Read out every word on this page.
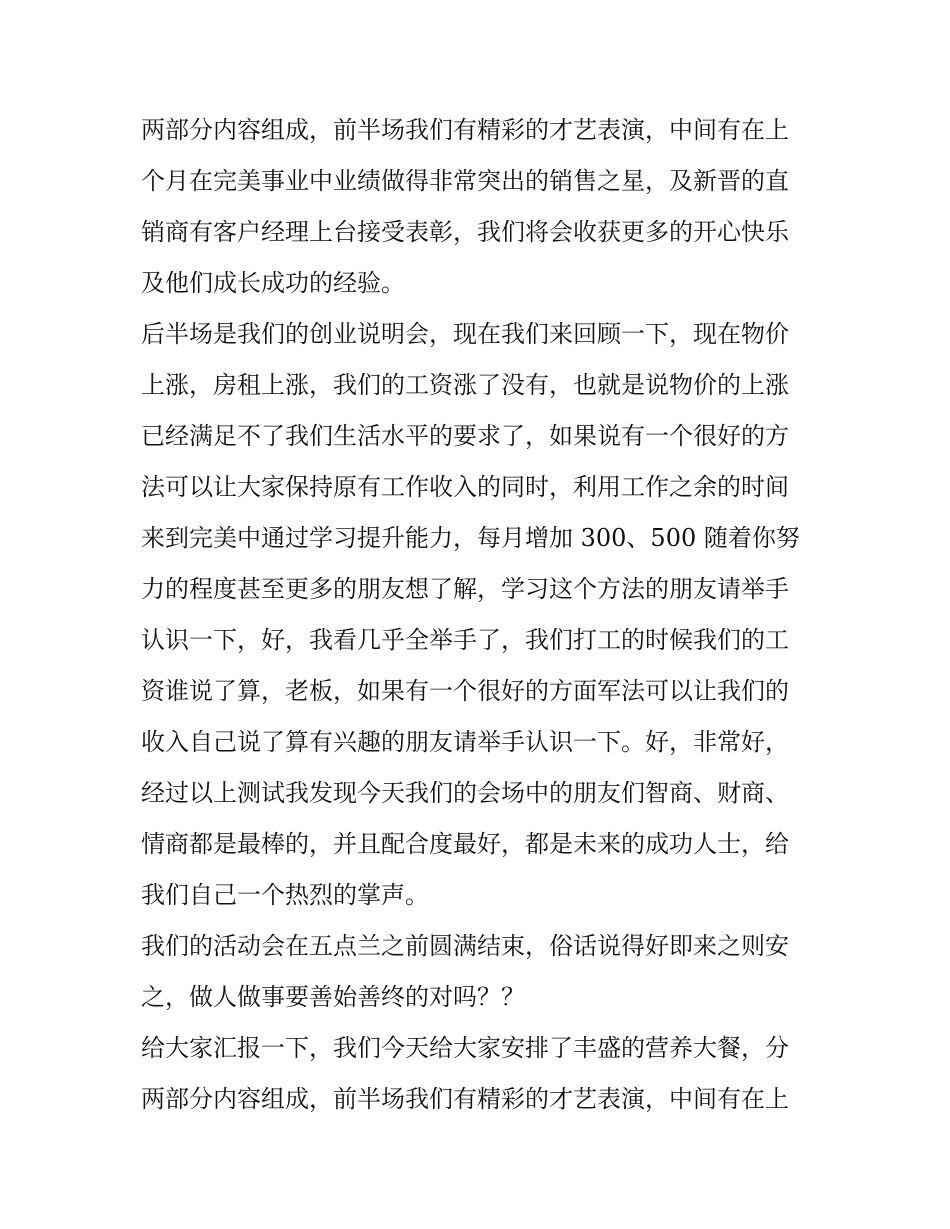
两部分内容组成，前半场我们有精彩的才艺表演，中间有在上
个月在完美事业中业绩做得非常突出的销售之星，及新晋的直
销商有客户经理上台接受表彰，我们将会收获更多的开心快乐
及他们成长成功的经验。
后半场是我们的创业说明会，现在我们来回顾一下，现在物价
上涨，房租上涨，我们的工资涨了没有，也就是说物价的上涨
已经满足不了我们生活水平的要求了，如果说有一个很好的方
法可以让大家保持原有工作收入的同时，利用工作之余的时间
来到完美中通过学习提升能力，每月增加 300、500 随着你努
力的程度甚至更多的朋友想了解，学习这个方法的朋友请举手
认识一下，好，我看几乎全举手了，我们打工的时候我们的工
资谁说了算，老板，如果有一个很好的方面军法可以让我们的
收入自己说了算有兴趣的朋友请举手认识一下。好，非常好，
经过以上测试我发现今天我们的会场中的朋友们智商、财商、
情商都是最棒的，并且配合度最好，都是未来的成功人士，给
我们自己一个热烈的掌声。
我们的活动会在五点兰之前圆满结束，俗话说得好即来之则安
之，做人做事要善始善终的对吗？？
给大家汇报一下，我们今天给大家安排了丰盛的营养大餐，分
两部分内容组成，前半场我们有精彩的才艺表演，中间有在上
